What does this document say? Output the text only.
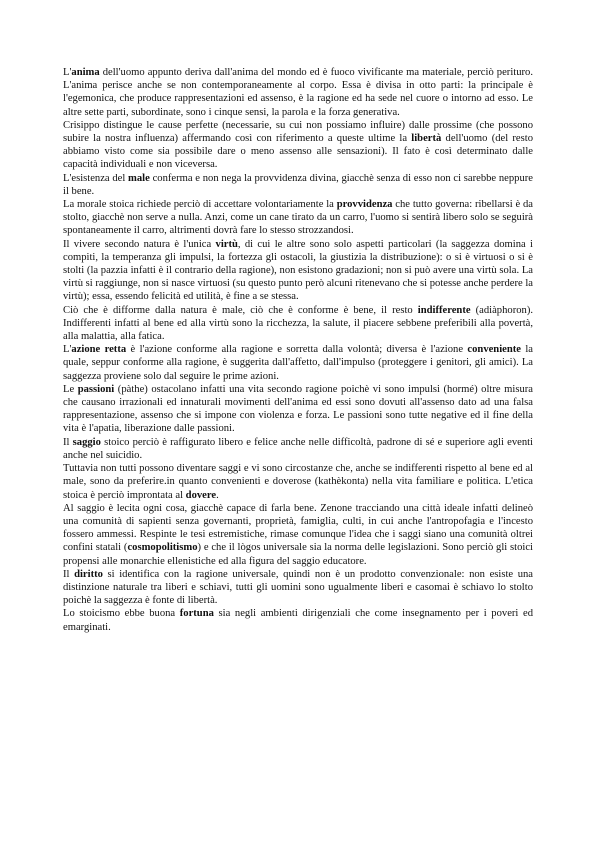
L'anima dell'uomo appunto deriva dall'anima del mondo ed è fuoco vivificante ma materiale, perciò perituro. L'anima perisce anche se non contemporaneamente al corpo. Essa è divisa in otto parti: la principale è l'egemonica, che produce rappresentazioni ed assenso, è la ragione ed ha sede nel cuore o intorno ad esso. Le altre sette parti, subordinate, sono i cinque sensi, la parola e la forza generativa.

Crisippo distingue le cause perfette (necessarie, su cui non possiamo influire) dalle prossime (che possono subire la nostra influenza) affermando così con riferimento a queste ultime la libertà dell'uomo (del resto abbiamo visto come sia possibile dare o meno assenso alle sensazioni). Il fato è così determinato dalle capacità individuali e non viceversa.

L'esistenza del male conferma e non nega la provvidenza divina, giacchè senza di esso non ci sarebbe neppure il bene.

La morale stoica richiede perciò di accettare volontariamente la provvidenza che tutto governa: ribellarsi è da stolto, giacchè non serve a nulla. Anzi, come un cane tirato da un carro, l'uomo si sentirà libero solo se seguirà spontaneamente il carro, altrimenti dovrà fare lo stesso strozzandosi.

Il vivere secondo natura è l'unica virtù, di cui le altre sono solo aspetti particolari (la saggezza domina i compiti, la temperanza gli impulsi, la fortezza gli ostacoli, la giustizia la distribuzione): o si è virtuosi o si è stolti (la pazzia infatti è il contrario della ragione), non esistono gradazioni; non si può avere una virtù sola. La virtù si raggiunge, non si nasce virtuosi (su questo punto però alcuni ritenevano che si potesse anche perdere la virtù); essa, essendo felicità ed utilità, è fine a se stessa.

Ciò che è difforme dalla natura è male, ciò che è conforme è bene, il resto indifferente (adiàphoron). Indifferenti infatti al bene ed alla virtù sono la ricchezza, la salute, il piacere sebbene preferibili alla povertà, alla malattia, alla fatica.

L'azione retta è l'azione conforme alla ragione e sorretta dalla volontà; diversa è l'azione conveniente la quale, seppur conforme alla ragione, è suggerita dall'affetto, dall'impulso (proteggere i genitori, gli amici). La saggezza proviene solo dal seguire le prime azioni.

Le passioni (pàthe) ostacolano infatti una vita secondo ragione poichè vi sono impulsi (hormé) oltre misura che causano irrazionali ed innaturali movimenti dell'anima ed essi sono dovuti all'assenso dato ad una falsa rappresentazione, assenso che si impone con violenza e forza. Le passioni sono tutte negative ed il fine della vita è l'apatia, liberazione dalle passioni.

Il saggio stoico perciò è raffigurato libero e felice anche nelle difficoltà, padrone di sé e superiore agli eventi anche nel suicidio.

Tuttavia non tutti possono diventare saggi e vi sono circostanze che, anche se indifferenti rispetto al bene ed al male, sono da preferire.in quanto convenienti e doverose (kathèkonta) nella vita familiare e politica. L'etica stoica è perciò improntata al dovere.

Al saggio è lecita ogni cosa, giacchè capace di farla bene. Zenone tracciando una città ideale infatti delineò una comunità di sapienti senza governanti, proprietà, famiglia, culti, in cui anche l'antropofagia e l'incesto fossero ammessi. Respinte le tesi estremistiche, rimase comunque l'idea che i saggi siano una comunità oltrei confini statali (cosmopolitismo) e che il lògos universale sia la norma delle legislazioni. Sono perciò gli stoici propensi alle monarchie ellenistiche ed alla figura del saggio educatore.

Il diritto si identifica con la ragione universale, quindi non è un prodotto convenzionale: non esiste una distinzione naturale tra liberi e schiavi, tutti gli uomini sono ugualmente liberi e casomai è schiavo lo stolto poichè la saggezza è fonte di libertà.

Lo stoicismo ebbe buona fortuna sia negli ambienti dirigenziali che come insegnamento per i poveri ed emarginati.
